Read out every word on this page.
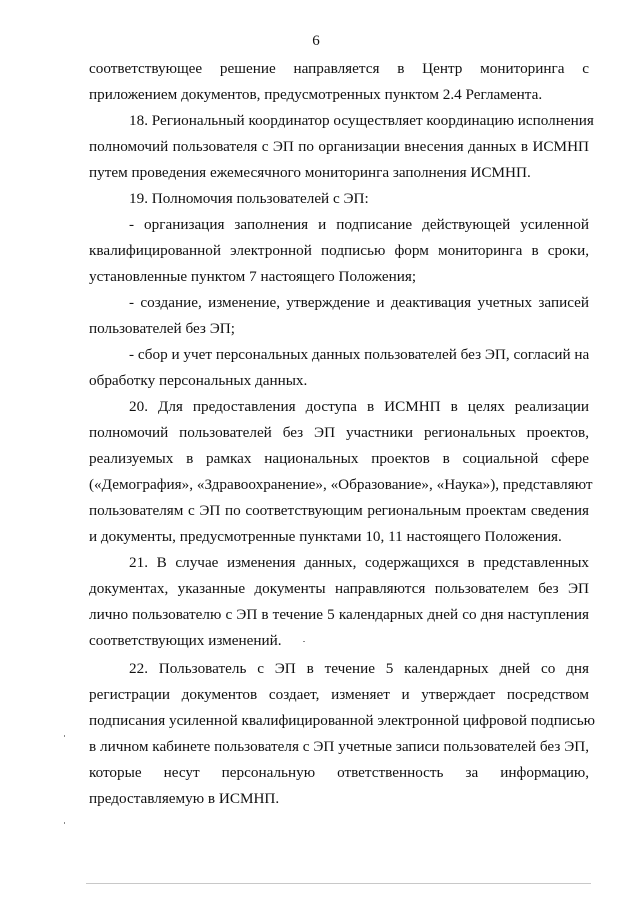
6
соответствующее решение направляется в Центр мониторинга с
приложением документов, предусмотренных пунктом 2.4 Регламента.
18. Региональный координатор осуществляет координацию исполнения
полномочий пользователя с ЭП по организации внесения данных в ИСМНП
путем проведения ежемесячного мониторинга заполнения ИСМНП.
19. Полномочия пользователей с ЭП:
- организация заполнения и подписание действующей усиленной
квалифицированной электронной подписью форм мониторинга в сроки,
установленные пунктом 7 настоящего Положения;
- создание, изменение, утверждение и деактивация учетных записей
пользователей без ЭП;
- сбор и учет персональных данных пользователей без ЭП, согласий на
обработку персональных данных.
20. Для предоставления доступа в ИСМНП в целях реализации
полномочий пользователей без ЭП участники региональных проектов,
реализуемых в рамках национальных проектов в социальной сфере
(«Демография», «Здравоохранение», «Образование», «Наука»), представляют
пользователям с ЭП по соответствующим региональным проектам сведения
и документы, предусмотренные пунктами 10, 11 настоящего Положения.
21. В случае изменения данных, содержащихся в представленных
документах, указанные документы направляются пользователем без ЭП
лично пользователю с ЭП в течение 5 календарных дней со дня наступления
соответствующих изменений.
22. Пользователь с ЭП в течение 5 календарных дней со дня
регистрации документов создает, изменяет и утверждает посредством
подписания усиленной квалифицированной электронной цифровой подписью
в личном кабинете пользователя с ЭП учетные записи пользователей без ЭП,
которые несут персональную ответственность за информацию,
предоставляемую в ИСМНП.
